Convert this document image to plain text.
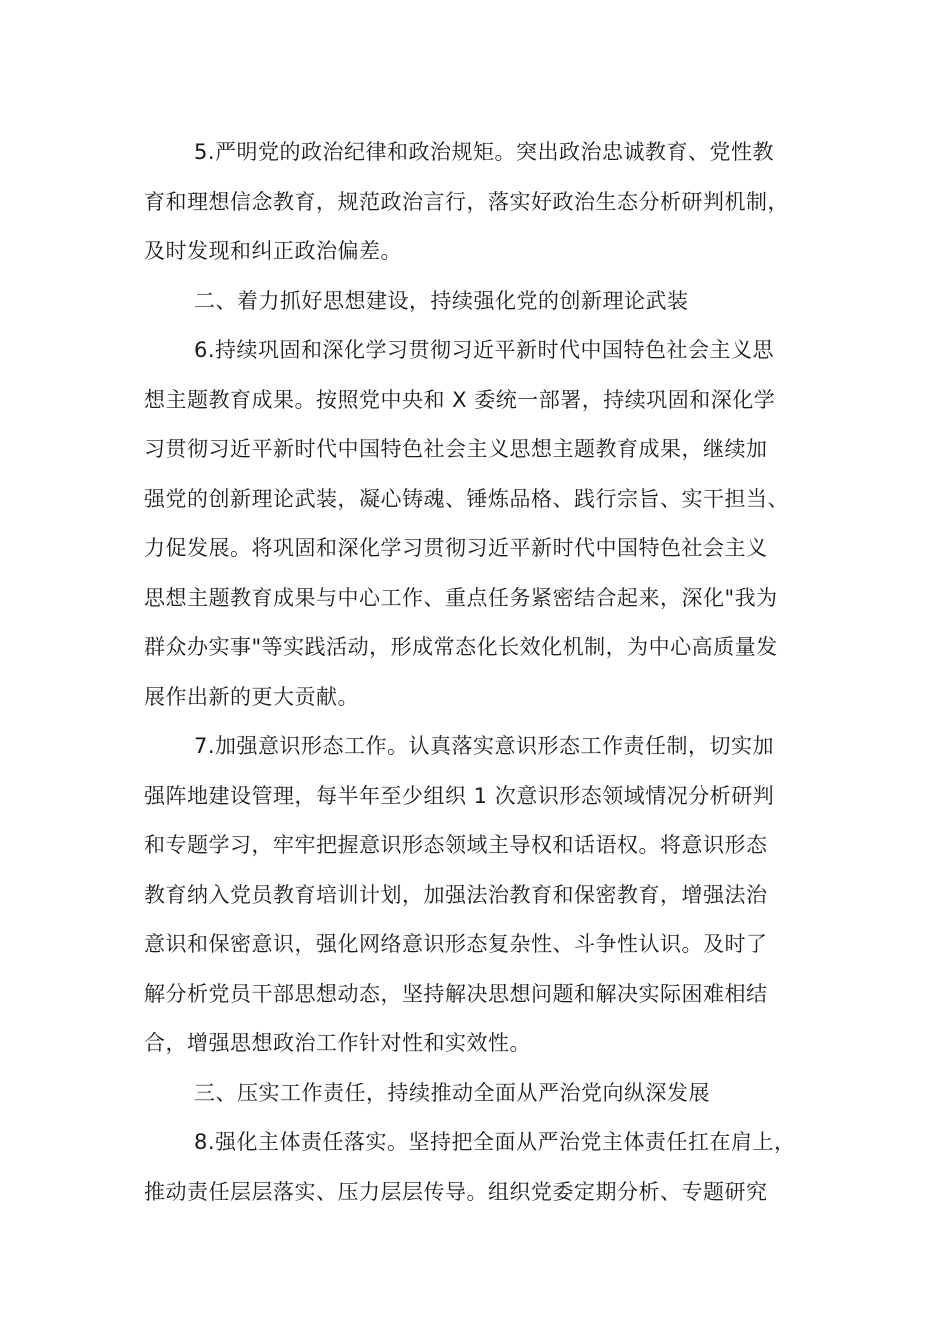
5.严明党的政治纪律和政治规矩。突出政治忠诚教育、党性教
育和理想信念教育，规范政治言行，落实好政治生态分析研判机制，
及时发现和纠正政治偏差。
二、着力抓好思想建设，持续强化党的创新理论武装
6.持续巩固和深化学习贯彻习近平新时代中国特色社会主义思
想主题教育成果。按照党中央和 X 委统一部署，持续巩固和深化学
习贯彻习近平新时代中国特色社会主义思想主题教育成果，继续加
强党的创新理论武装，凝心铸魂、锤炼品格、践行宗旨、实干担当、
力促发展。将巩固和深化学习贯彻习近平新时代中国特色社会主义
思想主题教育成果与中心工作、重点任务紧密结合起来，深化"我为
群众办实事"等实践活动，形成常态化长效化机制，为中心高质量发
展作出新的更大贡献。
7.加强意识形态工作。认真落实意识形态工作责任制，切实加
强阵地建设管理，每半年至少组织 1 次意识形态领域情况分析研判
和专题学习，牢牢把握意识形态领域主导权和话语权。将意识形态
教育纳入党员教育培训计划，加强法治教育和保密教育，增强法治
意识和保密意识，强化网络意识形态复杂性、斗争性认识。及时了
解分析党员干部思想动态，坚持解决思想问题和解决实际困难相结
合，增强思想政治工作针对性和实效性。
三、压实工作责任，持续推动全面从严治党向纵深发展
8.强化主体责任落实。坚持把全面从严治党主体责任扛在肩上，
推动责任层层落实、压力层层传导。组织党委定期分析、专题研究
